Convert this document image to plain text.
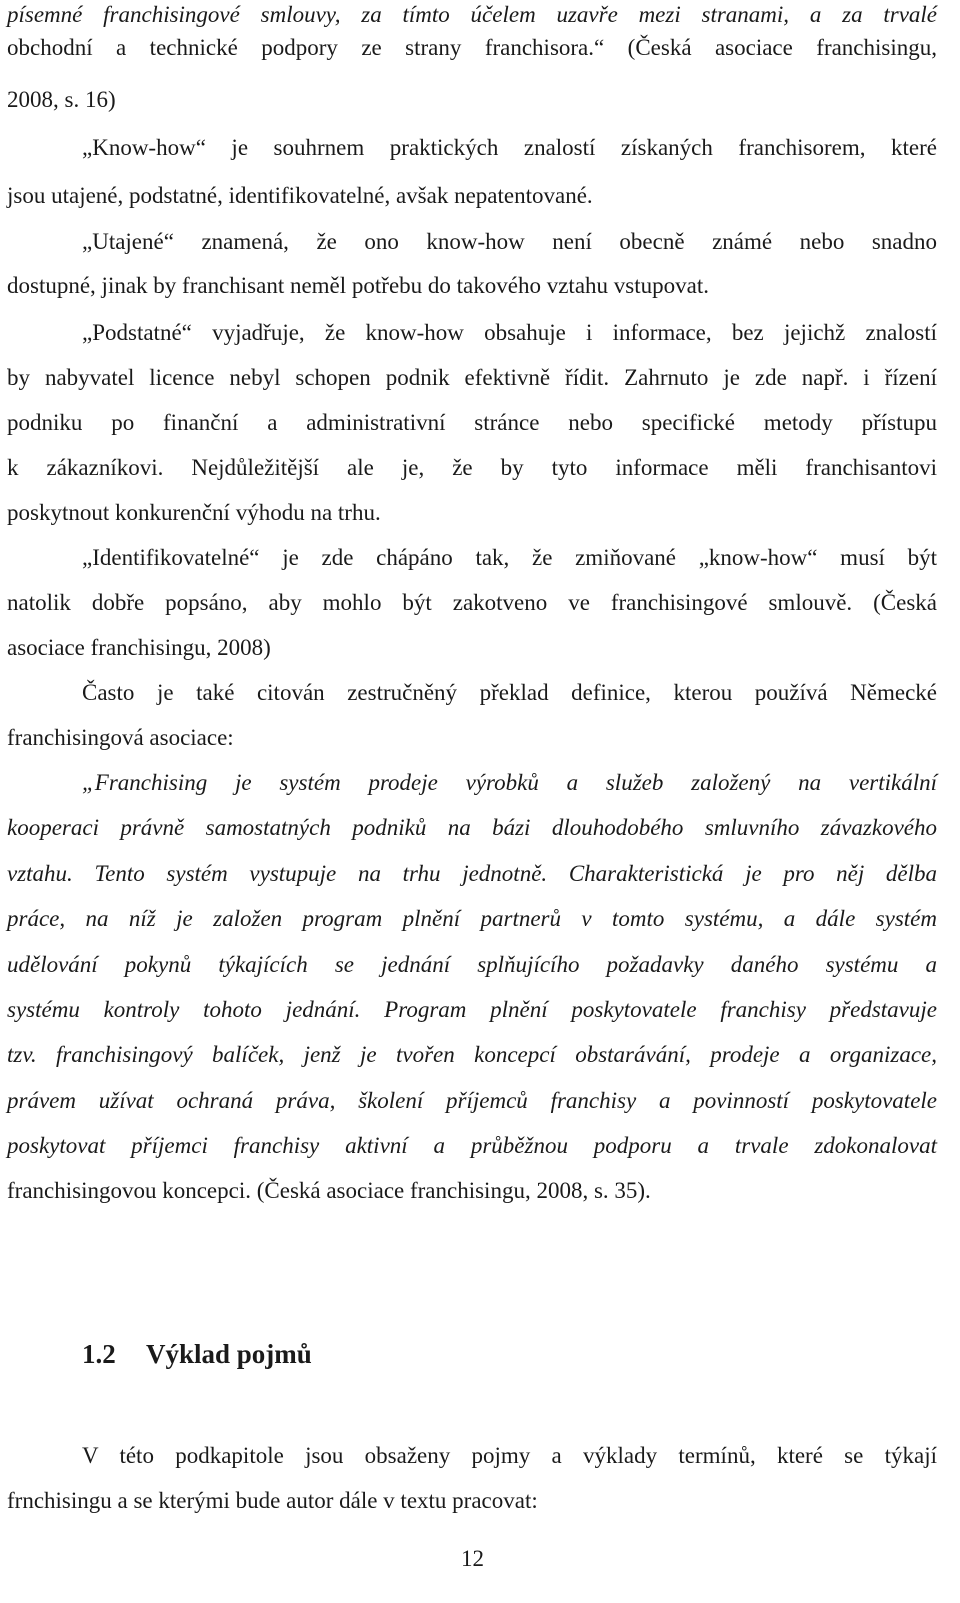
písemné franchisingové smlouvy, za tímto účelem uzavře mezi stranami, a za trvalé
obchodní a technické podpory ze strany franchisora.“ (Česká asociace franchisingu,
2008, s. 16)
„Know-how“ je souhrnem praktických znalostí získaných franchisorem, které
jsou utajené, podstatné, identifikovatelné, avšak nepatentované.
„Utajené“ znamená, že ono know-how není obecně známé nebo snadno
dostupné, jinak by franchisant neměl potřebu do takového vztahu vstupovat.
„Podstatné“ vyjadřuje, že know-how obsahuje i informace, bez jejichž znalostí
by nabyvatel licence nebyl schopen podnik efektivně řídit. Zahrnuto je zde např. i řízení
podniku po finanční a administrativní stránce nebo specifické metody přístupu
k zákazníkovi. Nejdůležitější ale je, že by tyto informace měli franchisantovi
poskytnout konkurenční výhodu na trhu.
„Identifikovatelné“ je zde chápáno tak, že zmiňované „know-how“ musí být
natolik dobře popsáno, aby mohlo být zakotveno ve franchisingové smlouvě. (Česká
asociace franchisingu, 2008)
Často je také citován zestručněný překlad definice, kterou používá Německé
franchisingová asociace:
„Franchising je systém prodeje výrobků a služeb založený na vertikální
kooperaci právně samostatných podniků na bázi dlouhodobého smluvního závazkového
vztahu. Tento systém vystupuje na trhu jednotně. Charakteristická je pro něj dělba
práce, na níž je založen program plnění partnerů v tomto systému, a dále systém
udělování pokynů týkajících se jednání splňujícího požadavky daného systému a
systému kontroly tohoto jednání. Program plnění poskytovatele franchisy představuje
tzv. franchisingový balíček, jenž je tvořen koncepcí obstarávání, prodeje a organizace,
právem užívat ochraná práva, školení příjemců franchisy a povinností poskytovatele
poskytovat příjemci franchisy aktivní a průběžnou podporu a trvale zdokonalovat
franchisingovou koncepci. (Česká asociace franchisingu, 2008, s. 35).
1.2 Výklad pojmů
V této podkapitole jsou obsaženy pojmy a výklady termínů, které se týkají
frnchisingu a se kterými bude autor dále v textu pracovat:
12
